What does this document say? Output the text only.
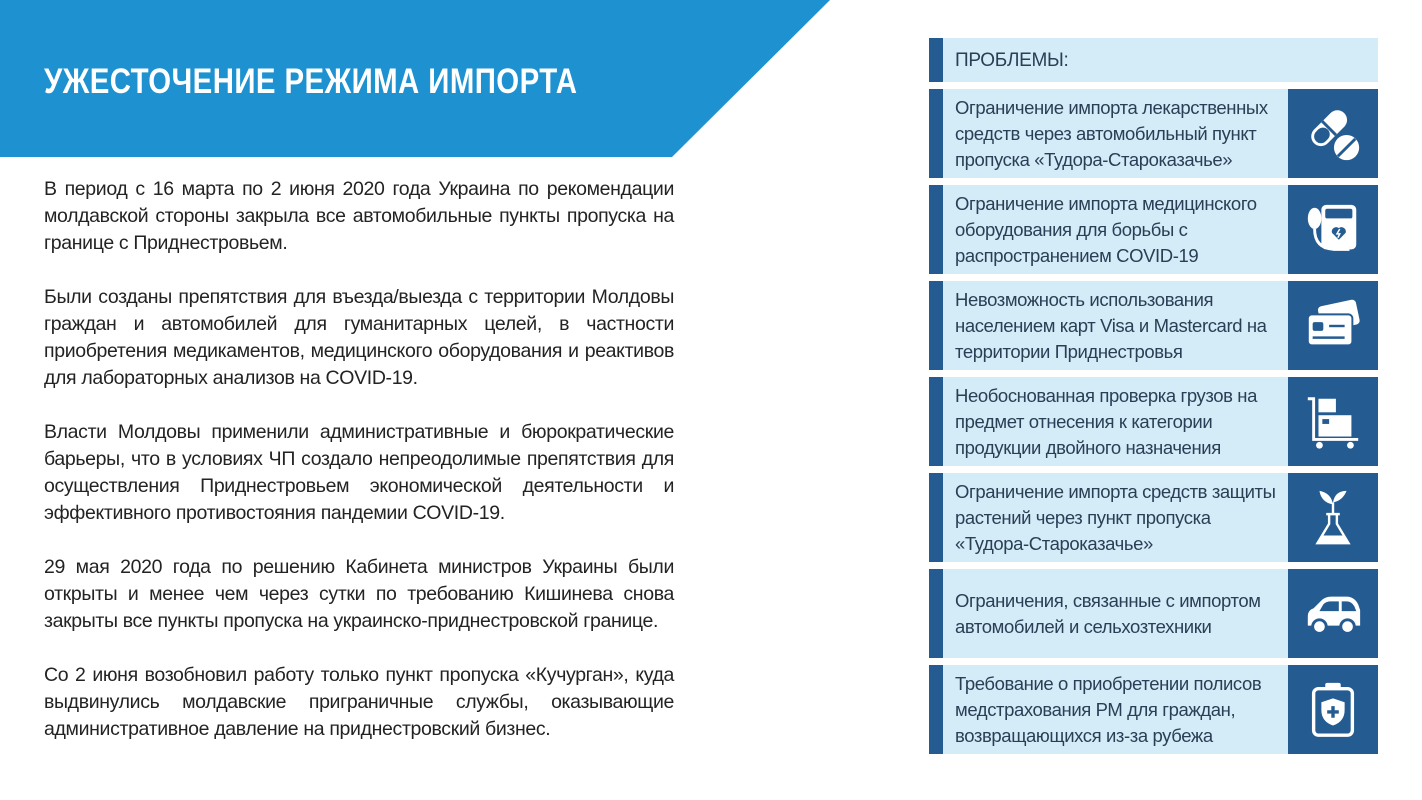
УЖЕСТОЧЕНИЕ РЕЖИМА ИМПОРТА

В период с 16 марта по 2 июня 2020 года Украина по рекомендации молдавской стороны закрыла все автомобильные пункты пропуска на границе с Приднестровьем.

Были созданы препятствия для въезда/выезда с территории Молдовы граждан и автомобилей для гуманитарных целей, в частности приобретения медикаментов, медицинского оборудования и реактивов для лабораторных анализов на COVID-19.

Власти Молдовы применили административные и бюрократические барьеры, что в условиях ЧП создало непреодолимые препятствия для осуществления Приднестровьем экономической деятельности и эффективного противостояния пандемии COVID-19.

29 мая 2020 года по решению Кабинета министров Украины были открыты и менее чем через сутки по требованию Кишинева снова закрыты все пункты пропуска на украинско-приднестровской границе.

Со 2 июня возобновил работу только пункт пропуска «Кучурган», куда выдвинулись молдавские приграничные службы, оказывающие административное давление на приднестровский бизнес.

ПРОБЛЕМЫ:
Ограничение импорта лекарственных средств через автомобильный пункт пропуска «Тудора-Староказачье»
Ограничение импорта медицинского оборудования для борьбы с распространением COVID-19
Невозможность использования населением карт Visa и Mastercard на территории Приднестровья
Необоснованная проверка грузов на предмет отнесения к категории продукции двойного назначения
Ограничение импорта средств защиты растений через пункт пропуска «Тудора-Староказачье»
Ограничения, связанные с импортом автомобилей и сельхозтехники
Требование о приобретении полисов медстрахования РМ для граждан, возвращающихся из-за рубежа
